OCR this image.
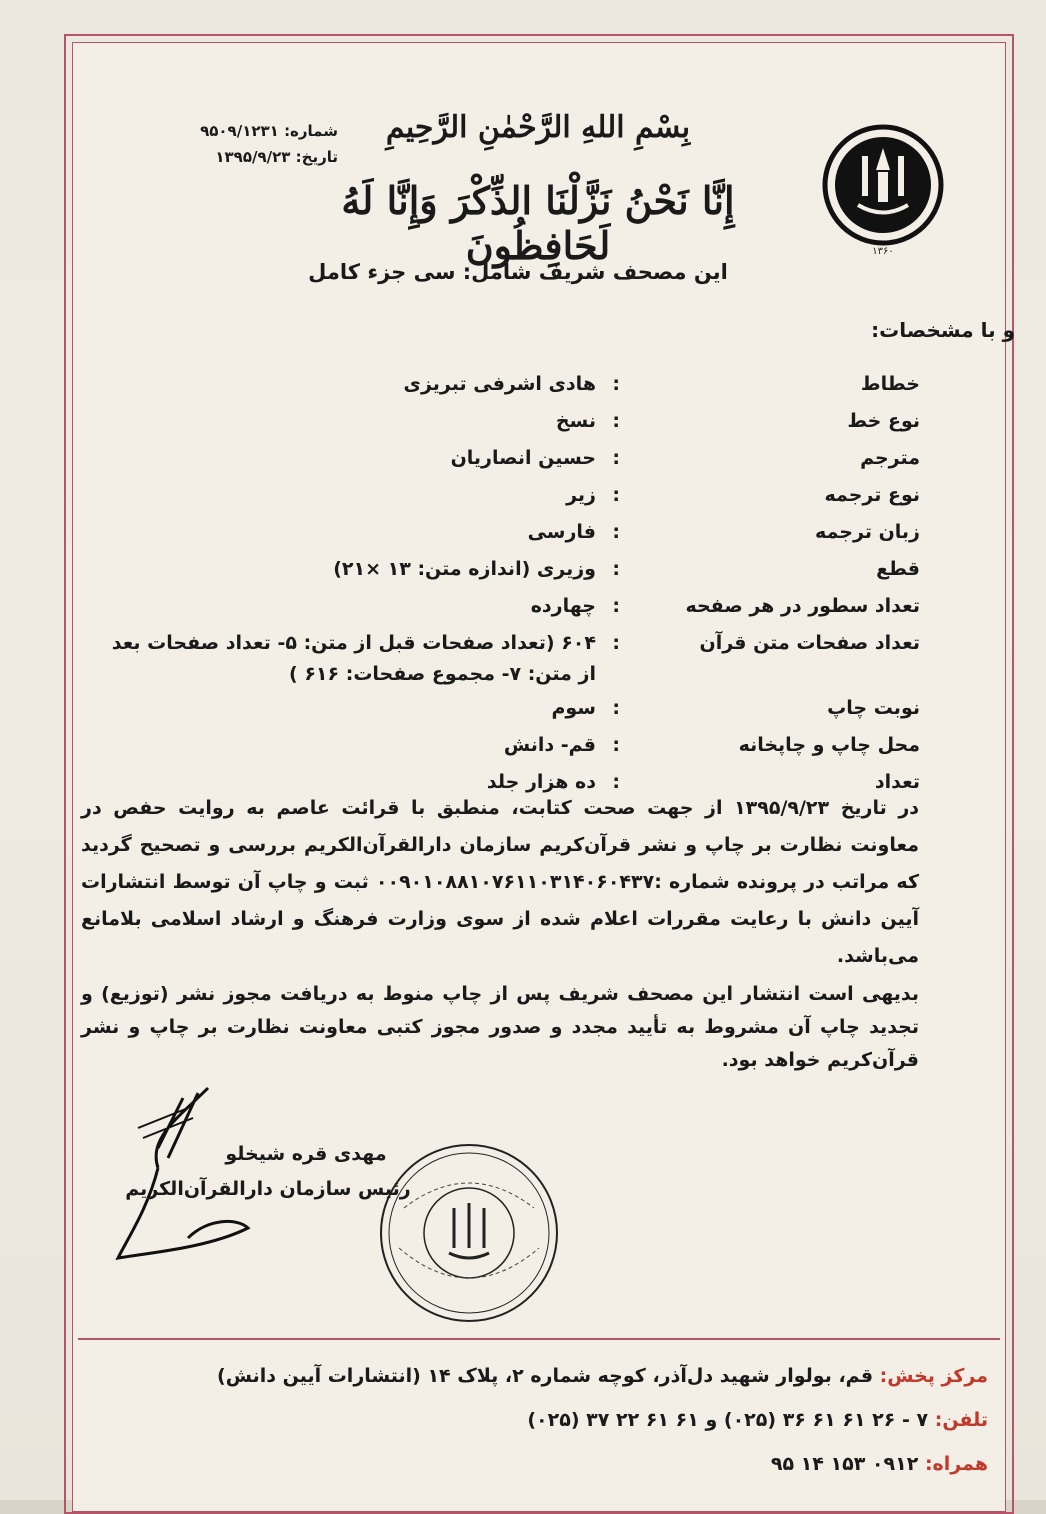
۱۳۶۰
شماره: ۹۵۰۹/۱۲۳۱
تاریخ: ۱۳۹۵/۹/۲۳
بِسْمِ اللهِ الرَّحْمٰنِ الرَّحِیمِ
إِنَّا نَحْنُ نَزَّلْنَا الذِّكْرَ وَإِنَّا لَهُ لَحَافِظُونَ
این مصحف شریف شامل: سی جزء کامل
و با مشخصات:
خطاط
:
هادی اشرفی تبریزی
نوع خط
:
نسخ
مترجم
:
حسین انصاریان
نوع ترجمه
:
زیر
زبان ترجمه
:
فارسی
قطع
:
وزیری (اندازه متن: ۱۳ ×۲۱)
تعداد سطور در هر صفحه
:
چهارده
تعداد صفحات متن قرآن
:
۶۰۴ (تعداد صفحات قبل از متن: ۵- تعداد صفحات بعد از متن: ۷- مجموع صفحات: ۶۱۶ )
نوبت چاپ
:
سوم
محل چاپ و چاپخانه
:
قم- دانش
تعداد
:
ده هزار جلد
در تاریخ ۱۳۹۵/۹/۲۳ از جهت صحت کتابت، منطبق با قرائت عاصم به روایت حفص در معاونت نظارت بر چاپ و نشر قرآن‌کریم سازمان دارالقرآن‌الکریم بررسی و تصحیح گردید که مراتب در پرونده شماره :۰۰۹۰۱۰۸۸۱۰۷۶۱۱۰۳۱۴۰۶۰۴۳۷ ثبت و چاپ آن توسط انتشارات آیین دانش با رعایت مقررات اعلام شده از سوی وزارت فرهنگ و ارشاد اسلامی بلامانع می‌باشد.
بدیهی است انتشار این مصحف شریف پس از چاپ منوط به دریافت مجوز نشر (توزیع) و تجدید چاپ آن مشروط به تأیید مجدد و صدور مجوز کتبی معاونت نظارت بر چاپ و نشر قرآن‌کریم خواهد بود.
مهدی قره شیخلو
رئیس سازمان دارالقرآن‌الکریم
مرکز پخش: قم، بولوار شهید دل‌آذر، کوچه شماره ۲، پلاک ۱۴ (انتشارات آیین دانش)
تلفن: ۷ - ۲۶ ۶۱ ۶۱ ۳۶ (۰۲۵) و ۶۱ ۶۱ ۲۲ ۳۷ (۰۲۵)
همراه: ۰۹۱۲ ۱۵۳ ۱۴ ۹۵
